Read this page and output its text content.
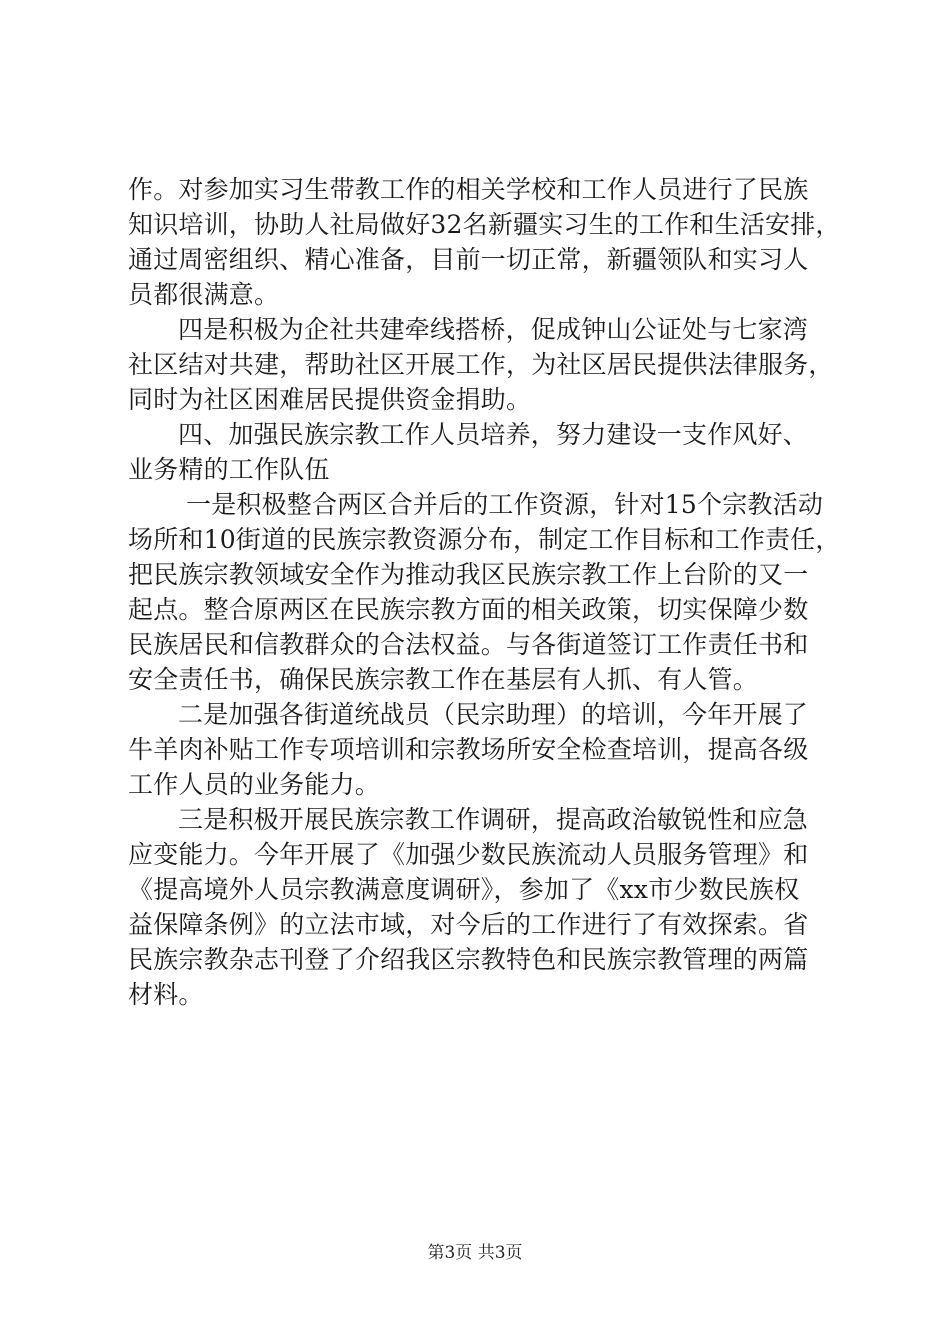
作。对参加实习生带教工作的相关学校和工作人员进行了民族
知识培训，协助人社局做好32名新疆实习生的工作和生活安排，
通过周密组织、精心准备，目前一切正常，新疆领队和实习人
员都很满意。
四是积极为企社共建牵线搭桥，促成钟山公证处与七家湾
社区结对共建，帮助社区开展工作，为社区居民提供法律服务，
同时为社区困难居民提供资金捐助。
四、加强民族宗教工作人员培养，努力建设一支作风好、
业务精的工作队伍
一是积极整合两区合并后的工作资源，针对15个宗教活动
场所和10街道的民族宗教资源分布，制定工作目标和工作责任，
把民族宗教领域安全作为推动我区民族宗教工作上台阶的又一
起点。整合原两区在民族宗教方面的相关政策，切实保障少数
民族居民和信教群众的合法权益。与各街道签订工作责任书和
安全责任书，确保民族宗教工作在基层有人抓、有人管。
二是加强各街道统战员（民宗助理）的培训，今年开展了
牛羊肉补贴工作专项培训和宗教场所安全检查培训，提高各级
工作人员的业务能力。
三是积极开展民族宗教工作调研，提高政治敏锐性和应急
应变能力。今年开展了《加强少数民族流动人员服务管理》和
《提高境外人员宗教满意度调研》，参加了《xx市少数民族权
益保障条例》的立法市域，对今后的工作进行了有效探索。省
民族宗教杂志刊登了介绍我区宗教特色和民族宗教管理的两篇
材料。
第3页 共3页
